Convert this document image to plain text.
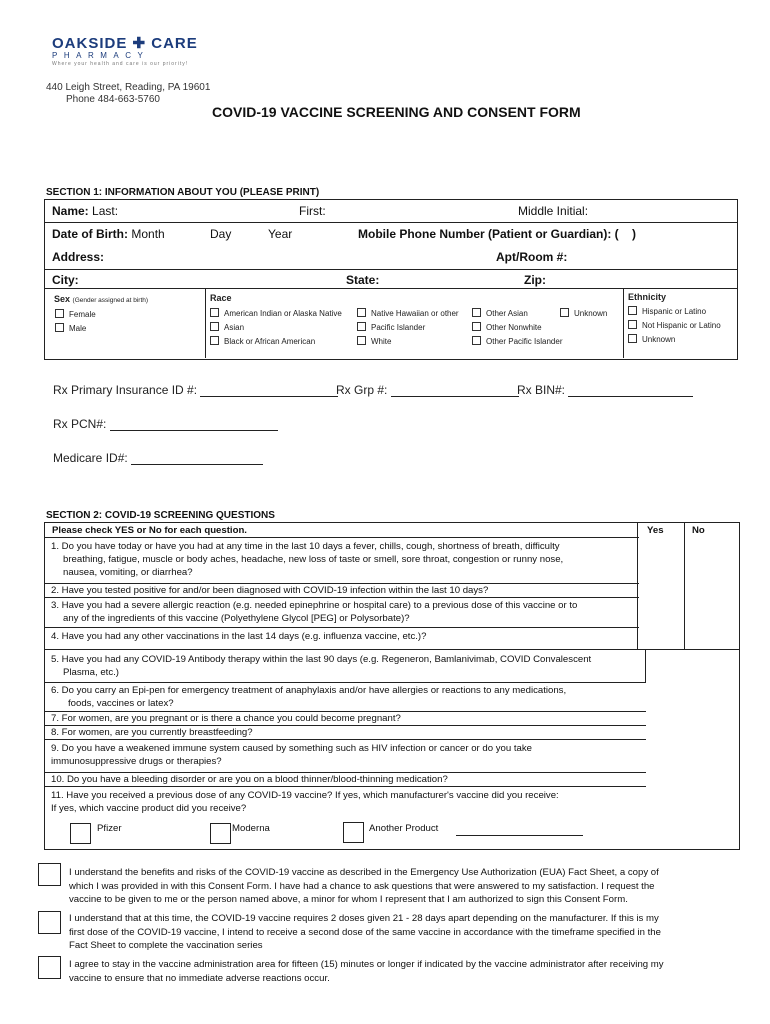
OAKSIDE ✚ CARE
PHARMACY
Where your health and care is our priority!
440 Leigh Street, Reading, PA 19601
Phone 484-663-5760
COVID-19 VACCINE SCREENING AND CONSENT FORM
SECTION 1: INFORMATION ABOUT YOU (PLEASE PRINT)
Name: Last:	First:	Middle Initial:
Date of Birth: Month	Day	Year	Mobile Phone Number (Patient or Guardian): ( )
Address:	Apt/Room #:
City:	State:	Zip:
Sex (Gender assigned at birth)
Female
Male
Race
American Indian or Alaska Native
Asian
Black or African American
Native Hawaiian or other
Pacific Islander
White
Other Asian
Other Nonwhite
Other Pacific Islander
Unknown
Ethnicity
Hispanic or Latino
Not Hispanic or Latino
Unknown
Rx Primary Insurance ID #:	Rx Grp #:	Rx BIN#:
Rx PCN#:
Medicare ID#:
SECTION 2: COVID-19 SCREENING QUESTIONS
Please check YES or No for each question.	Yes	No
1. Do you have today or have you had at any time in the last 10 days a fever, chills, cough, shortness of breath, difficulty
breathing, fatigue, muscle or body aches, headache, new loss of taste or smell, sore throat, congestion or runny nose,
nausea, vomiting, or diarrhea?
2. Have you tested positive for and/or been diagnosed with COVID-19 infection within the last 10 days?
3. Have you had a severe allergic reaction (e.g. needed epinephrine or hospital care) to a previous dose of this vaccine or to
any of the ingredients of this vaccine (Polyethylene Glycol [PEG] or Polysorbate)?
4. Have you had any other vaccinations in the last 14 days (e.g. influenza vaccine, etc.)?
5. Have you had any COVID-19 Antibody therapy within the last 90 days (e.g. Regeneron, Bamlanivimab, COVID Convalescent
Plasma, etc.)
6. Do you carry an Epi-pen for emergency treatment of anaphylaxis and/or have allergies or reactions to any medications,
foods, vaccines or latex?
7. For women, are you pregnant or is there a chance you could become pregnant?
8. For women, are you currently breastfeeding?
9. Do you have a weakened immune system caused by something such as HIV infection or cancer or do you take
immunosuppressive drugs or therapies?
10. Do you have a bleeding disorder or are you on a blood thinner/blood-thinning medication?
11. Have you received a previous dose of any COVID-19 vaccine? If yes, which manufacturer's vaccine did you receive:
If yes, which vaccine product did you receive?
Pfizer	Moderna	Another Product
I understand the benefits and risks of the COVID-19 vaccine as described in the Emergency Use Authorization (EUA) Fact Sheet, a copy of
which I was provided in with this Consent Form. I have had a chance to ask questions that were answered to my satisfaction. I request the
vaccine to be given to me or the person named above, a minor for whom I represent that I am authorized to sign this Consent Form.
I understand that at this time, the COVID-19 vaccine requires 2 doses given 21 - 28 days apart depending on the manufacturer. If this is my
first dose of the COVID-19 vaccine, I intend to receive a second dose of the same vaccine in accordance with the timeframe specified in the
Fact Sheet to complete the vaccination series
I agree to stay in the vaccine administration area for fifteen (15) minutes or longer if indicated by the vaccine administrator after receiving my
vaccine to ensure that no immediate adverse reactions occur.
